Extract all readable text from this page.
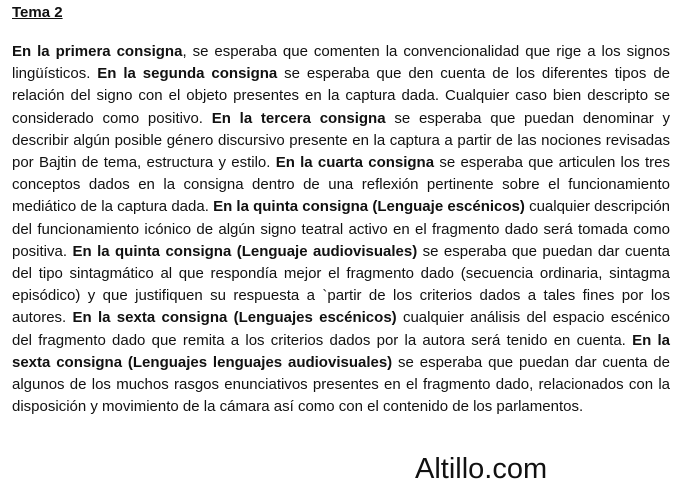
Tema 2

En la primera consigna, se esperaba que comenten la convencionalidad que rige a los signos lingüísticos. En la segunda consigna se esperaba que den cuenta de los diferentes tipos de relación del signo con el objeto presentes en la captura dada. Cualquier caso bien descripto se considerado como positivo. En la tercera consigna se esperaba que puedan denominar y describir algún posible género discursivo presente en la captura a partir de las nociones revisadas por Bajtin de tema, estructura y estilo. En la cuarta consigna se esperaba que articulen los tres conceptos dados en la consigna dentro de una reflexión pertinente sobre el funcionamiento mediático de la captura dada. En la quinta consigna (Lenguaje escénicos) cualquier descripción del funcionamiento icónico de algún signo teatral activo en el fragmento dado será tomada como positiva. En la quinta consigna (Lenguaje audiovisuales) se esperaba que puedan dar cuenta del tipo sintagmático al que respondía mejor el fragmento dado (secuencia ordinaria, sintagma episódico) y que justifiquen su respuesta a `partir de los criterios dados a tales fines por los autores. En la sexta consigna (Lenguajes escénicos) cualquier análisis del espacio escénico del fragmento dado que remita a los criterios dados por la autora será tenido en cuenta. En la sexta consigna (Lenguajes lenguajes audiovisuales) se esperaba que puedan dar cuenta de algunos de los muchos rasgos enunciativos presentes en el fragmento dado, relacionados con la disposición y movimiento de la cámara así como con el contenido de los parlamentos.

Altillo.com
